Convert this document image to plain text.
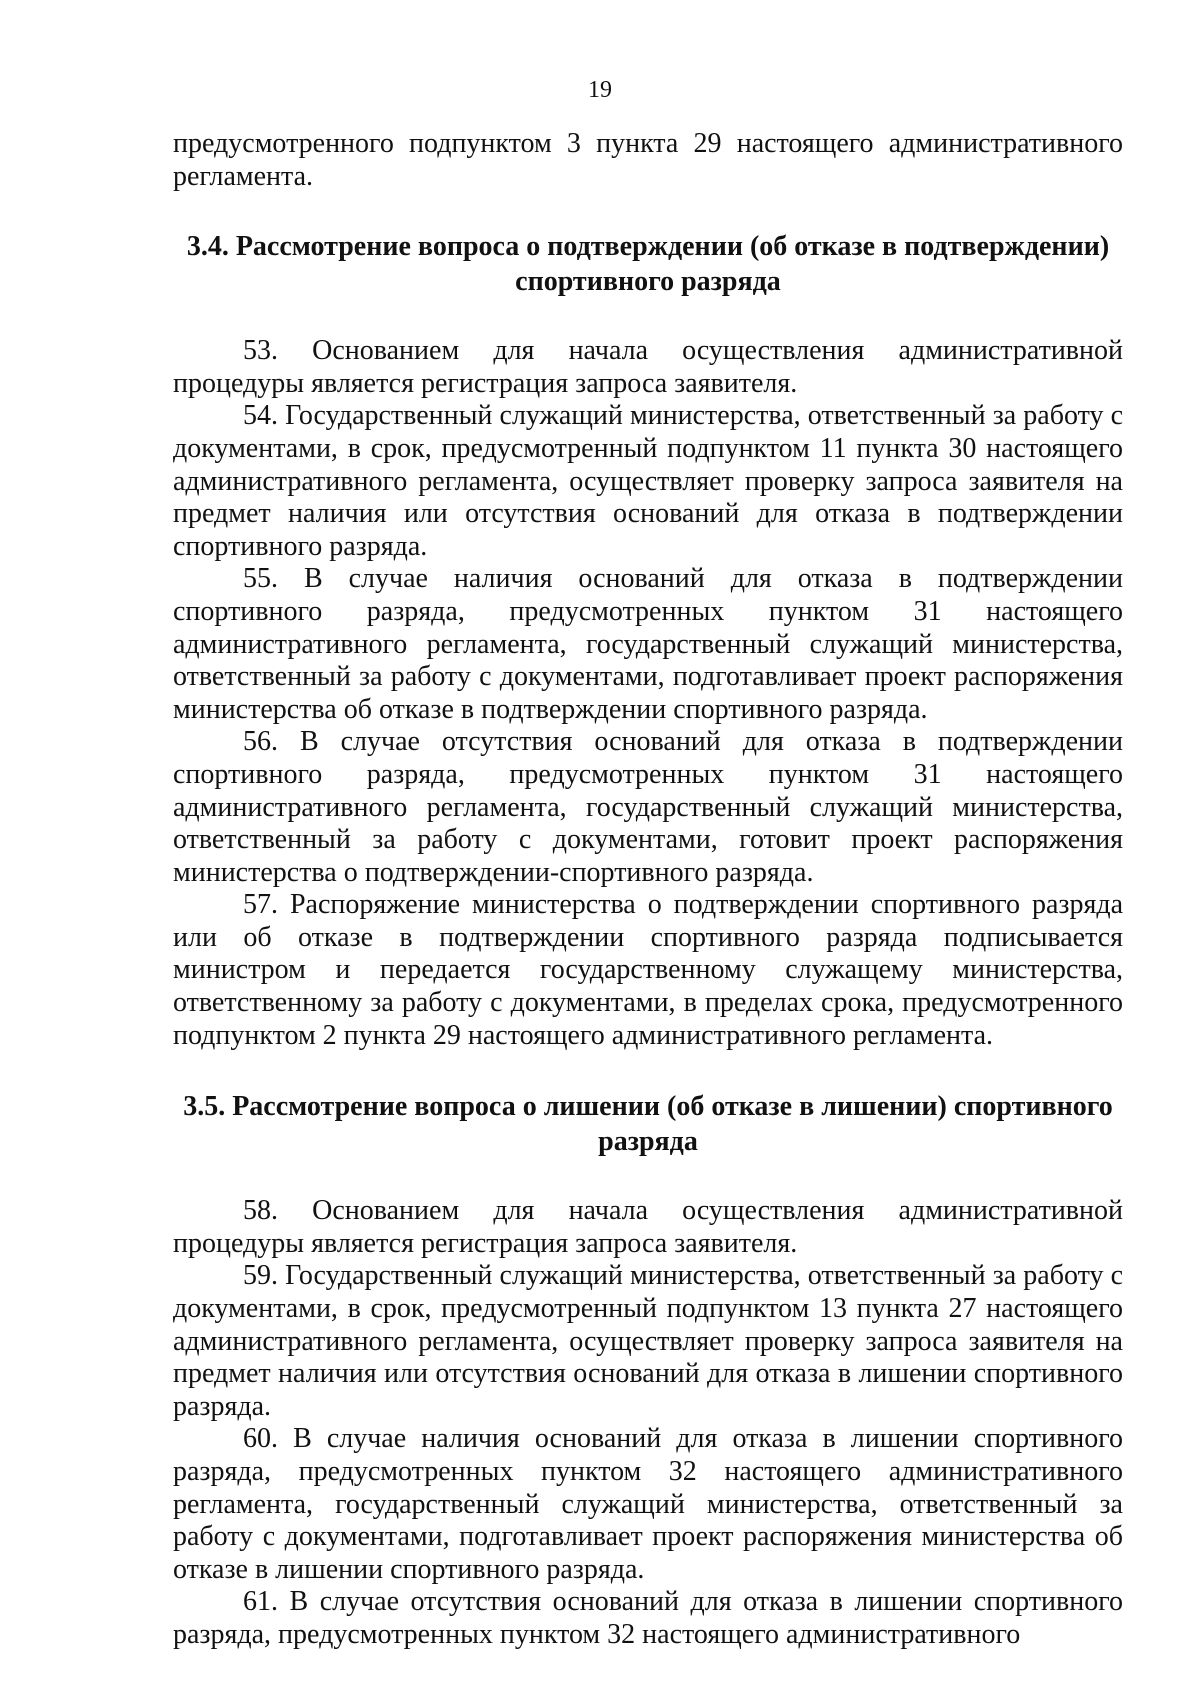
19

предусмотренного подпунктом 3 пункта 29 настоящего административного регламента.

3.4. Рассмотрение вопроса о подтверждении (об отказе в подтверждении) спортивного разряда

53. Основанием для начала осуществления административной процедуры является регистрация запроса заявителя.

54. Государственный служащий министерства, ответственный за работу с документами, в срок, предусмотренный подпунктом 11 пункта 30 настоящего административного регламента, осуществляет проверку запроса заявителя на предмет наличия или отсутствия оснований для отказа в подтверждении спортивного разряда.

55. В случае наличия оснований для отказа в подтверждении спортивного разряда, предусмотренных пунктом 31 настоящего административного регламента, государственный служащий министерства, ответственный за работу с документами, подготавливает проект распоряжения министерства об отказе в подтверждении спортивного разряда.

56. В случае отсутствия оснований для отказа в подтверждении спортивного разряда, предусмотренных пунктом 31 настоящего административного регламента, государственный служащий министерства, ответственный за работу с документами, готовит проект распоряжения министерства о подтверждении-спортивного разряда.

57. Распоряжение министерства о подтверждении спортивного разряда или об отказе в подтверждении спортивного разряда подписывается министром и передается государственному служащему министерства, ответственному за работу с документами, в пределах срока, предусмотренного подпунктом 2 пункта 29 настоящего административного регламента.

3.5. Рассмотрение вопроса о лишении (об отказе в лишении) спортивного разряда

58. Основанием для начала осуществления административной процедуры является регистрация запроса заявителя.

59. Государственный служащий министерства, ответственный за работу с документами, в срок, предусмотренный подпунктом 13 пункта 27 настоящего административного регламента, осуществляет проверку запроса заявителя на предмет наличия или отсутствия оснований для отказа в лишении спортивного разряда.

60. В случае наличия оснований для отказа в лишении спортивного разряда, предусмотренных пунктом 32 настоящего административного регламента, государственный служащий министерства, ответственный за работу с документами, подготавливает проект распоряжения министерства об отказе в лишении спортивного разряда.

61. В случае отсутствия оснований для отказа в лишении спортивного разряда, предусмотренных пунктом 32 настоящего административного
